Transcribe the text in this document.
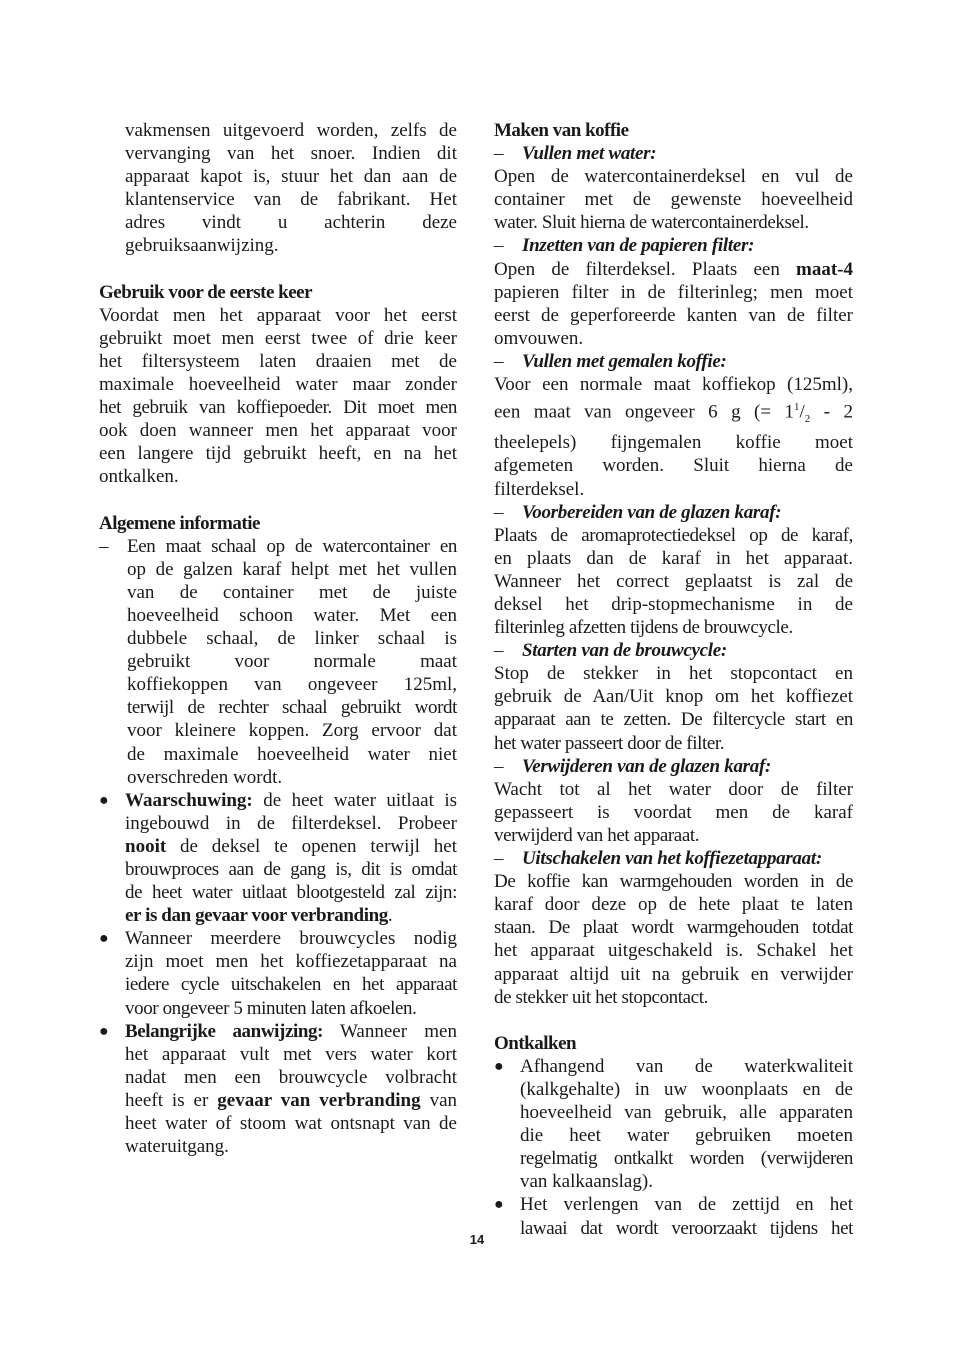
vakmensen uitgevoerd worden, zelfs de
vervanging van het snoer. Indien dit
apparaat kapot is, stuur het dan aan de
klantenservice van de fabrikant. Het
adres vindt u achterin deze
gebruiksaanwijzing.
Gebruik voor de eerste keer
Voordat men het apparaat voor het eerst
gebruikt moet men eerst twee of drie keer
het filtersysteem laten draaien met de
maximale hoeveelheid water maar zonder
het gebruik van koffiepoeder. Dit moet men
ook doen wanneer men het apparaat voor
een langere tijd gebruikt heeft, en na het
ontkalken.
Algemene informatie
– Een maat schaal op de watercontainer en
op de galzen karaf helpt met het vullen
van de container met de juiste
hoeveelheid schoon water. Met een
dubbele schaal, de linker schaal is
gebruikt voor normale maat
koffiekoppen van ongeveer 125ml,
terwijl de rechter schaal gebruikt wordt
voor kleinere koppen. Zorg ervoor dat
de maximale hoeveelheid water niet
overschreden wordt.
● Waarschuwing: de heet water uitlaat is
ingebouwd in de filterdeksel. Probeer
nooit de deksel te openen terwijl het
brouwproces aan de gang is, dit is omdat
de heet water uitlaat blootgesteld zal zijn:
er is dan gevaar voor verbranding.
● Wanneer meerdere brouwcycles nodig
zijn moet men het koffiezetapparaat na
iedere cycle uitschakelen en het apparaat
voor ongeveer 5 minuten laten afkoelen.
● Belangrijke aanwijzing: Wanneer men
het apparaat vult met vers water kort
nadat men een brouwcycle volbracht
heeft is er gevaar van verbranding van
heet water of stoom wat ontsnapt van de
wateruitgang.
Maken van koffie
– Vullen met water:
Open de watercontainerdeksel en vul de
container met de gewenste hoeveelheid
water. Sluit hierna de watercontainerdeksel.
– Inzetten van de papieren filter:
Open de filterdeksel. Plaats een maat-4
papieren filter in de filterinleg; men moet
eerst de geperforeerde kanten van de filter
omvouwen.
– Vullen met gemalen koffie:
Voor een normale maat koffiekop (125ml),
een maat van ongeveer 6 g (= $1^1/_2 - 2$
theelepels) fijngemalen koffie moet
afgemeten worden. Sluit hierna de
filterdeksel.
– Voorbereiden van de glazen karaf:
Plaats de aromaprotectiedeksel op de karaf,
en plaats dan de karaf in het apparaat.
Wanneer het correct geplaatst is zal de
deksel het drip-stopmechanisme in de
filterinleg afzetten tijdens de brouwcycle.
– Starten van de brouwcycle:
Stop de stekker in het stopcontact en
gebruik de Aan/Uit knop om het koffiezet
apparaat aan te zetten. De filtercycle start en
het water passeert door de filter.
– Verwijderen van de glazen karaf:
Wacht tot al het water door de filter
gepasseert is voordat men de karaf
verwijderd van het apparaat.
– Uitschakelen van het koffiezetapparaat:
De koffie kan warmgehouden worden in de
karaf door deze op de hete plaat te laten
staan. De plaat wordt warmgehouden totdat
het apparaat uitgeschakeld is. Schakel het
apparaat altijd uit na gebruik en verwijder
de stekker uit het stopcontact.
Ontkalken
● Afhangend van de waterkwaliteit
(kalkgehalte) in uw woonplaats en de
hoeveelheid van gebruik, alle apparaten
die heet water gebruiken moeten
regelmatig ontkalkt worden (verwijderen
van kalkaanslag).
● Het verlengen van de zettijd en het
lawaai dat wordt veroorzaakt tijdens het
14
